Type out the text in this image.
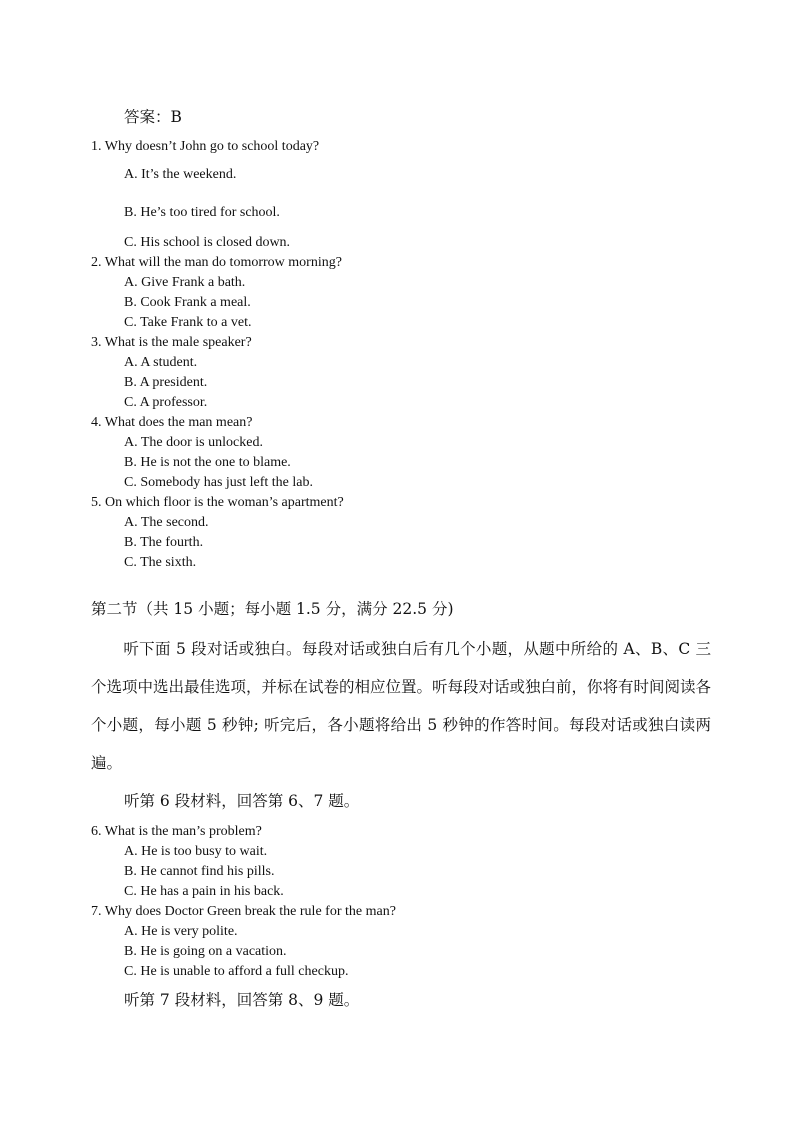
答案：B
1. Why doesn’t John go to school today?
A. It’s the weekend.
B. He’s too tired for school.
C. His school is closed down.
2. What will the man do tomorrow morning?
A. Give Frank a bath.
B. Cook Frank a meal.
C. Take Frank to a vet.
3. What is the male speaker?
A. A student.
B. A president.
C. A professor.
4. What does the man mean?
A. The door is unlocked.
B. He is not the one to blame.
C. Somebody has just left the lab.
5. On which floor is the woman’s apartment?
A. The second.
B. The fourth.
C. The sixth.
第二节（共 15 小题；每小题 1.5 分，满分 22.5 分)
听下面 5 段对话或独白。每段对话或独白后有几个小题，从题中所给的 A、B、C 三个选项中选出最佳选项，并标在试卷的相应位置。听每段对话或独白前，你将有时间阅读各个小题，每小题 5 秒钟; 听完后，各小题将给出 5 秒钟的作答时间。每段对话或独白读两遍。
听第 6 段材料，回答第 6、7 题。
6. What is the man’s problem?
A. He is too busy to wait.
B. He cannot find his pills.
C. He has a pain in his back.
7. Why does Doctor Green break the rule for the man?
A. He is very polite.
B. He is going on a vacation.
C. He is unable to afford a full checkup.
听第 7 段材料，回答第 8、9 题。
